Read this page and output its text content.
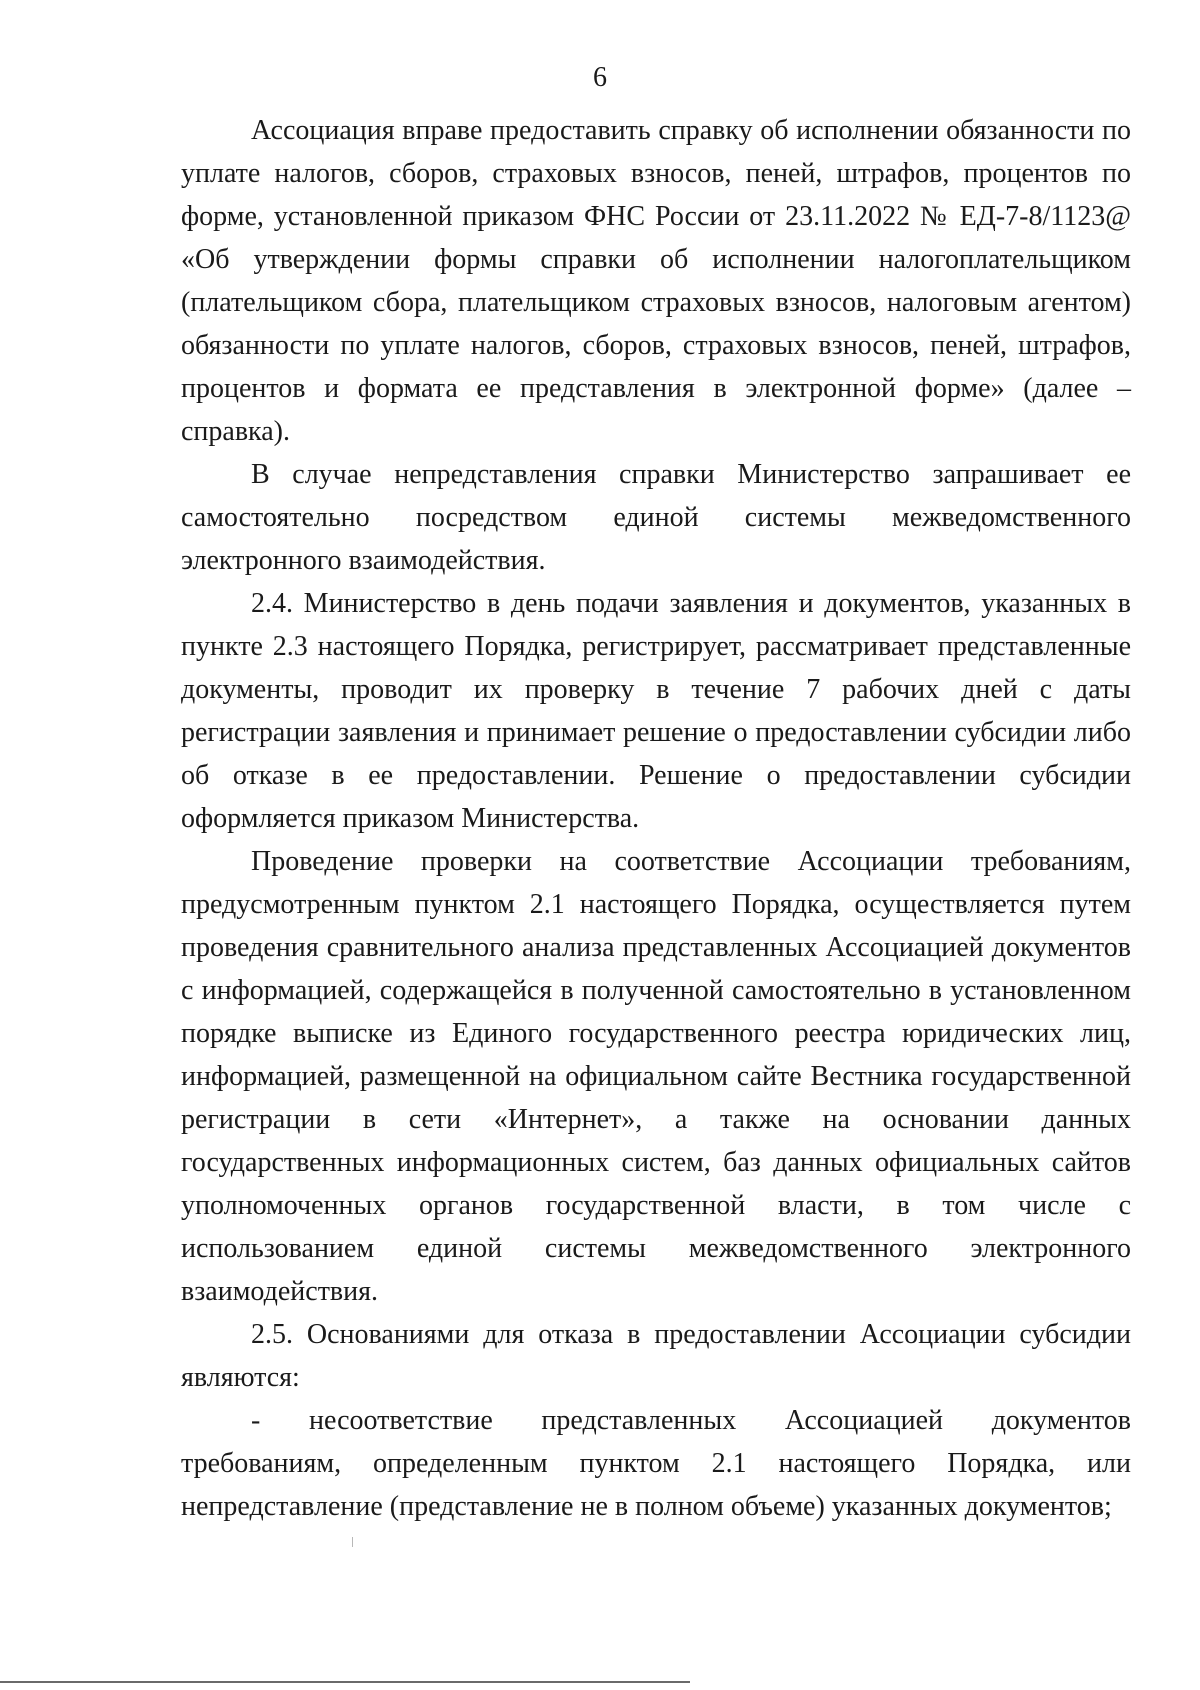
6

Ассоциация вправе предоставить справку об исполнении обязанности по уплате налогов, сборов, страховых взносов, пеней, штрафов, процентов по форме, установленной приказом ФНС России от 23.11.2022 № ЕД-7-8/1123@ «Об утверждении формы справки об исполнении налогоплательщиком (плательщиком сбора, плательщиком страховых взносов, налоговым агентом) обязанности по уплате налогов, сборов, страховых взносов, пеней, штрафов, процентов и формата ее представления в электронной форме» (далее – справка).

В случае непредставления справки Министерство запрашивает ее самостоятельно посредством единой системы межведомственного электронного взаимодействия.

2.4. Министерство в день подачи заявления и документов, указанных в пункте 2.3 настоящего Порядка, регистрирует, рассматривает представленные документы, проводит их проверку в течение 7 рабочих дней с даты регистрации заявления и принимает решение о предоставлении субсидии либо об отказе в ее предоставлении. Решение о предоставлении субсидии оформляется приказом Министерства.

Проведение проверки на соответствие Ассоциации требованиям, предусмотренным пунктом 2.1 настоящего Порядка, осуществляется путем проведения сравнительного анализа представленных Ассоциацией документов с информацией, содержащейся в полученной самостоятельно в установленном порядке выписке из Единого государственного реестра юридических лиц, информацией, размещенной на официальном сайте Вестника государственной регистрации в сети «Интернет», а также на основании данных государственных информационных систем, баз данных официальных сайтов уполномоченных органов государственной власти, в том числе с использованием единой системы межведомственного электронного взаимодействия.

2.5. Основаниями для отказа в предоставлении Ассоциации субсидии являются:

- несоответствие представленных Ассоциацией документов требованиям, определенным пунктом 2.1 настоящего Порядка, или непредставление (представление не в полном объеме) указанных документов;
